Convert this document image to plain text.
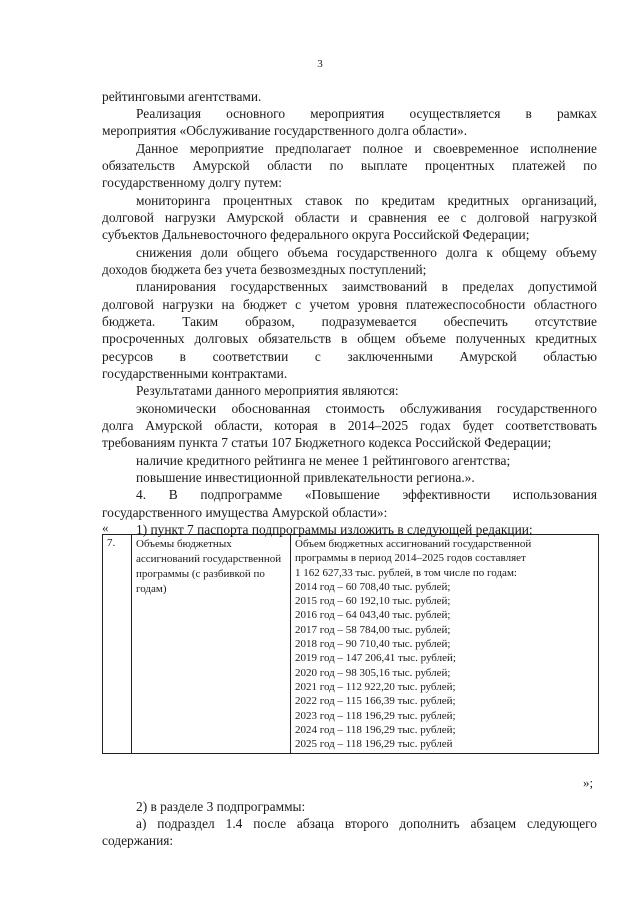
3
рейтинговыми агентствами.
Реализация основного мероприятия осуществляется в рамках
мероприятия «Обслуживание государственного долга области».
Данное мероприятие предполагает полное и своевременное исполнение
обязательств Амурской области по выплате процентных платежей по
государственному долгу путем:
мониторинга процентных ставок по кредитам кредитных организаций,
долговой нагрузки Амурской области и сравнения ее с долговой нагрузкой
субъектов Дальневосточного федерального округа Российской Федерации;
снижения доли общего объема государственного долга к общему объему
доходов бюджета без учета безвозмездных поступлений;
планирования государственных заимствований в пределах допустимой
долговой нагрузки на бюджет с учетом уровня платежеспособности областного
бюджета. Таким образом, подразумевается обеспечить отсутствие
просроченных долговых обязательств в общем объеме полученных кредитных
ресурсов в соответствии с заключенными Амурской областью
государственными контрактами.
Результатами данного мероприятия являются:
экономически обоснованная стоимость обслуживания государственного
долга Амурской области, которая в 2014–2025 годах будет соответствовать
требованиям пункта 7 статьи 107 Бюджетного кодекса Российской Федерации;
наличие кредитного рейтинга не менее 1 рейтингового агентства;
повышение инвестиционной привлекательности региона.».
4. В подпрограмме «Повышение эффективности использования
государственного имущества Амурской области»:
1) пункт 7 паспорта подпрограммы изложить в следующей редакции:
«
7.	Объемы бюджетных ассигнований государственной программы (с разбивкой по годам)	
Объем бюджетных ассигнований государственной
программы в период 2014–2025 годов составляет
1 162 627,33 тыс. рублей, в том числе по годам:
2014 год – 60 708,40 тыс. рублей;
2015 год – 60 192,10 тыс. рублей;
2016 год – 64 043,40 тыс. рублей;
2017 год – 58 784,00 тыс. рублей;
2018 год – 90 710,40 тыс. рублей;
2019 год – 147 206,41 тыс. рублей;
2020 год – 98 305,16 тыс. рублей;
2021 год – 112 922,20 тыс. рублей;
2022 год – 115 166,39 тыс. рублей;
2023 год – 118 196,29 тыс. рублей;
2024 год – 118 196,29 тыс. рублей;
2025 год – 118 196,29 тыс. рублей
»;
2) в разделе 3 подпрограммы:
а) подраздел 1.4 после абзаца второго дополнить абзацем следующего
содержания:
